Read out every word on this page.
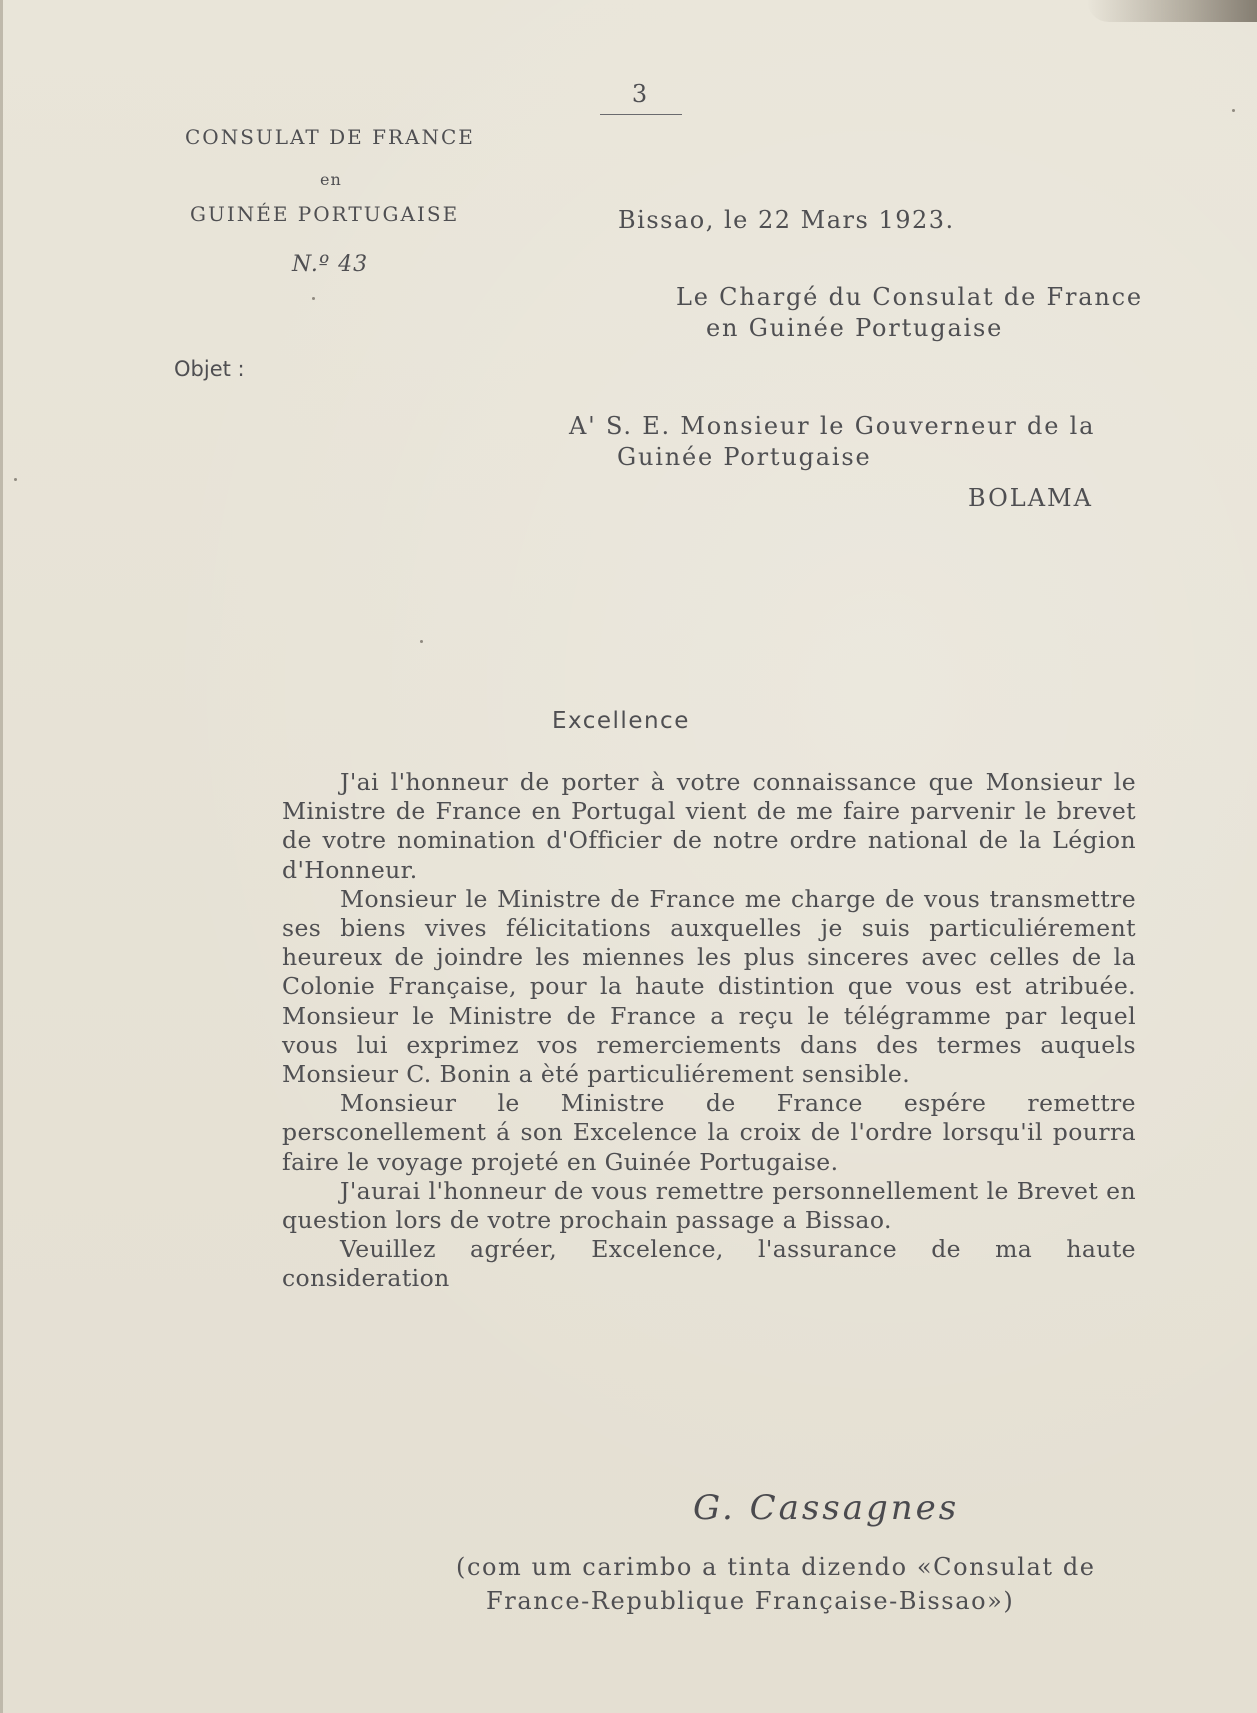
3
CONSULAT DE FRANCE
en
GUINÉE PORTUGAISE
N.º 43
Objet :
Bissao, le 22 Mars 1923.
Le Chargé du Consulat de France
en Guinée Portugaise
A' S. E. Monsieur le Gouverneur de la
Guinée Portugaise
BOLAMA
Excellence

J'ai l'honneur de porter à votre connaissance que Monsieur le Ministre de France en Portugal vient de me faire parvenir le brevet de votre nomination d'Officier de notre ordre national de la Légion d'Honneur.

Monsieur le Ministre de France me charge de vous transmettre ses biens vives félicitations auxquelles je suis particuliérement heureux de joindre les miennes les plus sinceres avec celles de la Colonie Française, pour la haute distintion que vous est atribuée. Monsieur le Ministre de France a reçu le télégramme par lequel vous lui exprimez vos remerciements dans des termes auquels Monsieur C. Bonin a èté particuliérement sensible.

Monsieur le Ministre de France espére remettre persсonellement á son Excelence la croix de l'ordre lorsqu'il pourra faire le voyage projeté en Guinée Portugaise.

J'aurai l'honneur de vous remettre personnellement le Brevet en question lors de votre prochain passage a Bissao.

Veuillez agréer, Excelence, l'assurance de ma haute consideration

G. Cassagnes
(com um carimbo a tinta dizendo «Consulat de
France-Republique Française-Bissao»)
